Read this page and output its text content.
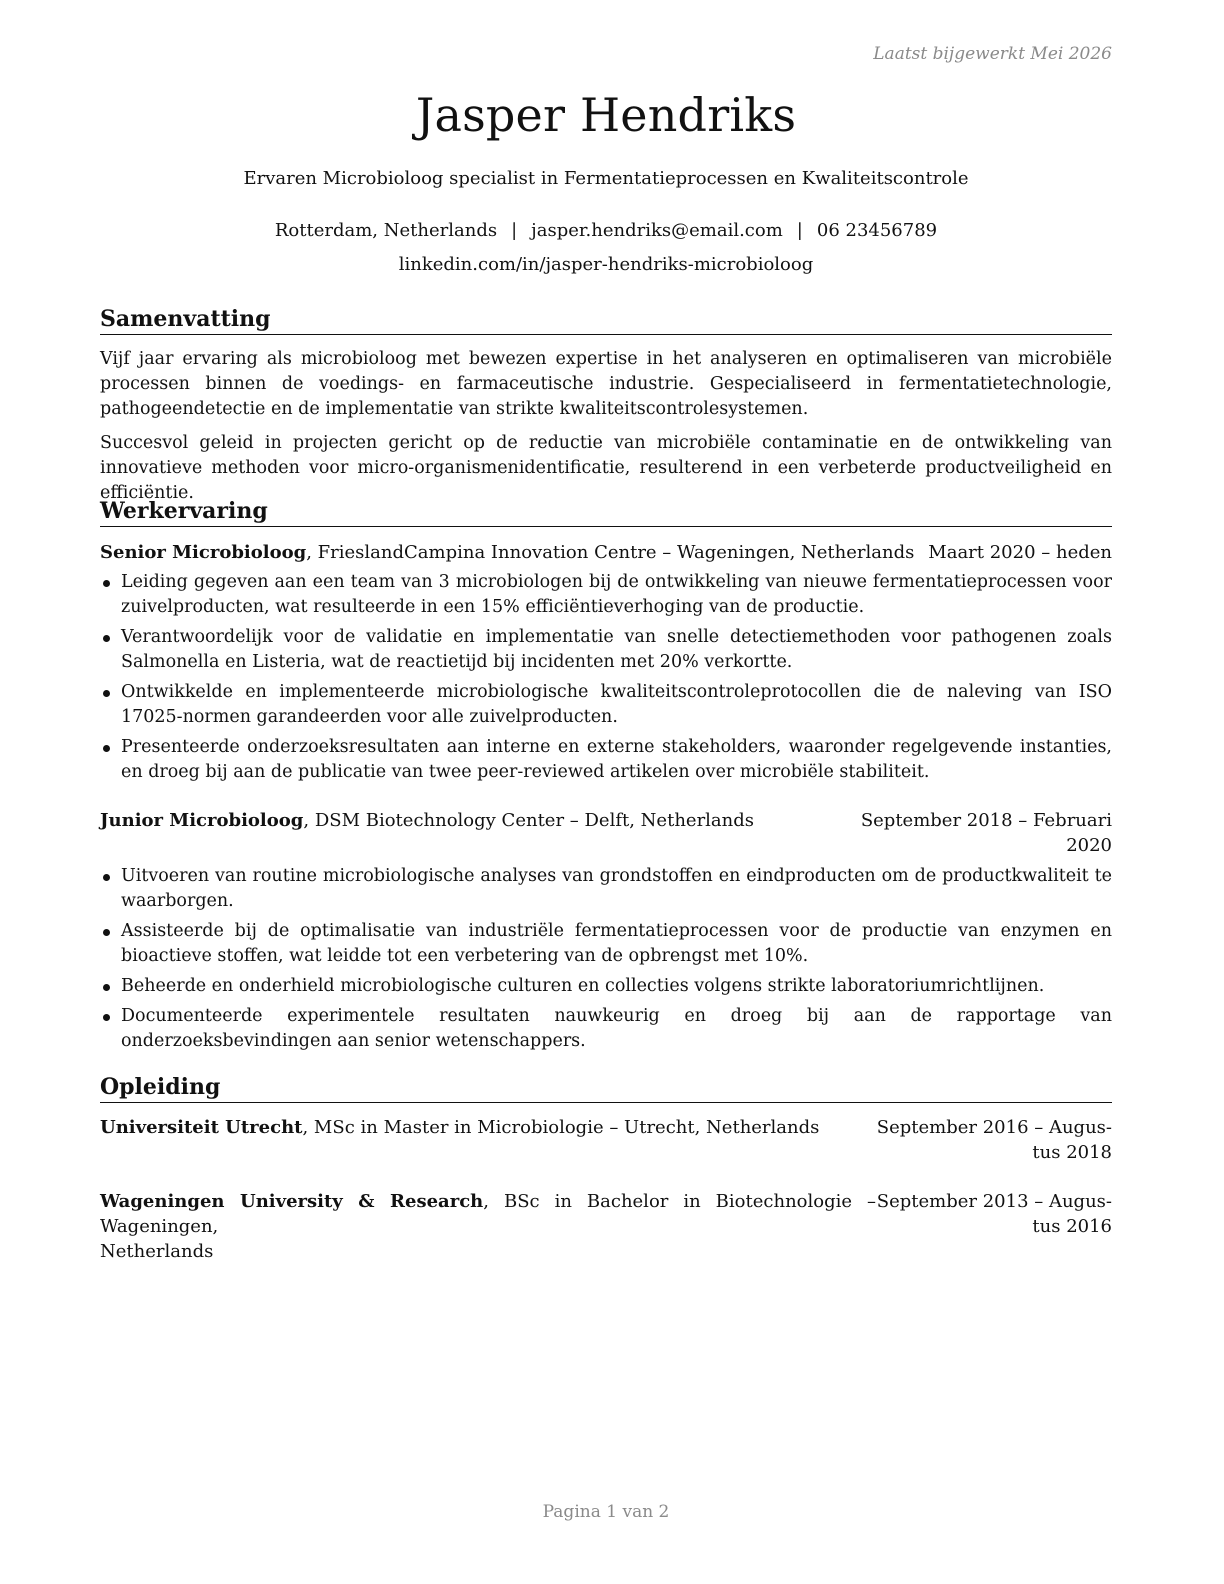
Laatst bijgewerkt Mei 2026
Jasper Hendriks
Ervaren Microbioloog specialist in Fermentatieprocessen en Kwaliteitscontrole
Rotterdam, Netherlands | jasper.hendriks@email.com | 06 23456789
linkedin.com/in/jasper-hendriks-microbioloog
Samenvatting
Vijf jaar ervaring als microbioloog met bewezen expertise in het analyseren en optimaliseren van microbiële processen binnen de voedings- en farmaceutische industrie. Gespecialiseerd in fermentatietechnologie, pathogeendetectie en de implementatie van strikte kwaliteitscontrolesystemen.
Succesvol geleid in projecten gericht op de reductie van microbiële contaminatie en de ontwikkeling van innovatieve methoden voor micro-organismenidentificatie, resulterend in een verbeterde productveiligheid en efficiëntie.
Werkervaring
Senior Microbioloog, FrieslandCampina Innovation Centre – Wageningen, Netherlands Maart 2020 – heden
Leiding gegeven aan een team van 3 microbiologen bij de ontwikkeling van nieuwe fermentatieprocessen voor zuivelproducten, wat resulteerde in een 15% efficiëntieverhoging van de productie.
Verantwoordelijk voor de validatie en implementatie van snelle detectiemethoden voor pathogenen zoals Salmonella en Listeria, wat de reactietijd bij incidenten met 20% verkortte.
Ontwikkelde en implementeerde microbiologische kwaliteitscontroleprotocollen die de naleving van ISO 17025-normen garandeerden voor alle zuivelproducten.
Presenteerde onderzoeksresultaten aan interne en externe stakeholders, waaronder regelgevende instanties, en droeg bij aan de publicatie van twee peer-reviewed artikelen over microbiële stabiliteit.
Junior Microbioloog, DSM Biotechnology Center – Delft, Netherlands	September 2018 – Februari
2020
Uitvoeren van routine microbiologische analyses van grondstoffen en eindproducten om de productkwaliteit te waarborgen.
Assisteerde bij de optimalisatie van industriële fermentatieprocessen voor de productie van enzymen en bioactieve stoffen, wat leidde tot een verbetering van de opbrengst met 10%.
Beheerde en onderhield microbiologische culturen en collecties volgens strikte laboratoriumrichtlijnen.
Documenteerde experimentele resultaten nauwkeurig en droeg bij aan de rapportage van onderzoeksbevindingen aan senior wetenschappers.
Opleiding
Universiteit Utrecht, MSc in Master in Microbiologie – Utrecht, Netherlands	September 2016 – Augus-
tus 2018
Wageningen University & Research, BSc in Bachelor in Biotechnologie – Wageningen,
Netherlands
September 2013 – Augus-
tus 2016
Pagina 1 van 2
